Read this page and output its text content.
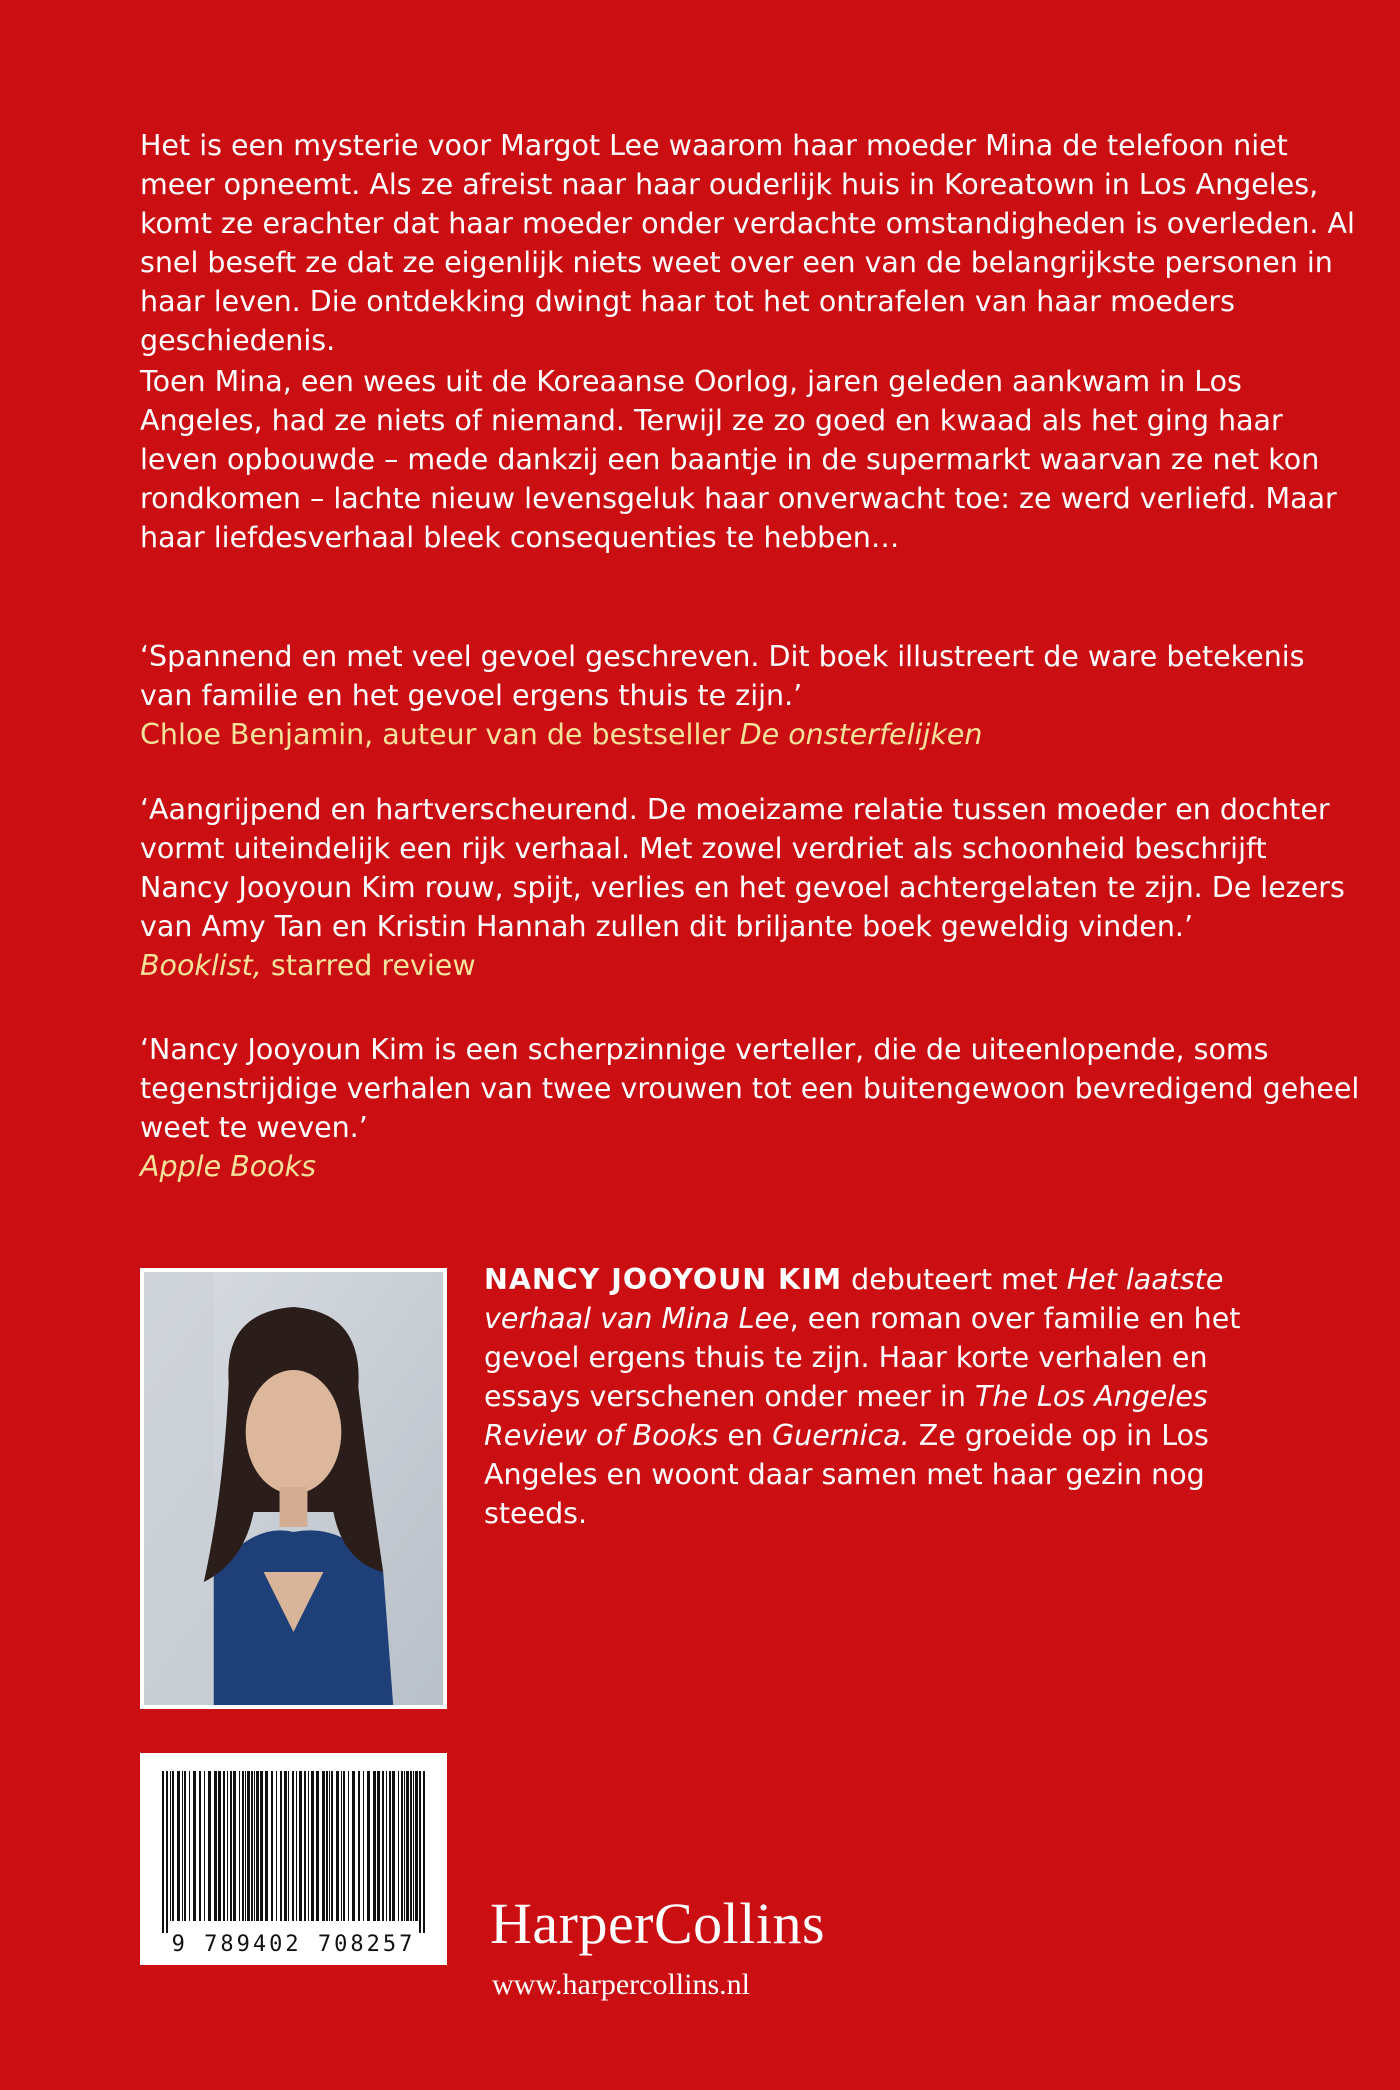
Het is een mysterie voor Margot Lee waarom haar moeder Mina de telefoon niet meer opneemt. Als ze afreist naar haar ouderlijk huis in Koreatown in Los Angeles, komt ze erachter dat haar moeder onder verdachte omstandigheden is overleden. Al snel beseft ze dat ze eigenlijk niets weet over een van de belangrijkste personen in haar leven. Die ontdekking dwingt haar tot het ontrafelen van haar moeders geschiedenis.

Toen Mina, een wees uit de Koreaanse Oorlog, jaren geleden aankwam in Los Angeles, had ze niets of niemand. Terwijl ze zo goed en kwaad als het ging haar leven opbouwde – mede dankzij een baantje in de supermarkt waarvan ze net kon rondkomen – lachte nieuw levensgeluk haar onverwacht toe: ze werd verliefd. Maar haar liefdesverhaal bleek consequenties te hebben…

‘Spannend en met veel gevoel geschreven. Dit boek illustreert de ware betekenis van familie en het gevoel ergens thuis te zijn.’
Chloe Benjamin, auteur van de bestseller De onsterfelijken
‘Aangrijpend en hartverscheurend. De moeizame relatie tussen moeder en dochter vormt uiteindelijk een rijk verhaal. Met zowel verdriet als schoonheid beschrijft Nancy Jooyoun Kim rouw, spijt, verlies en het gevoel achtergelaten te zijn. De lezers van Amy Tan en Kristin Hannah zullen dit briljante boek geweldig vinden.’
Booklist, starred review
‘Nancy Jooyoun Kim is een scherpzinnige verteller, die de uiteenlopende, soms tegenstrijdige verhalen van twee vrouwen tot een buitengewoon bevredigend geheel weet te weven.’
Apple Books
NANCY JOOYOUN KIM debuteert met Het laatste verhaal van Mina Lee, een roman over familie en het gevoel ergens thuis te zijn. Haar korte verhalen en essays verschenen onder meer in The Los Angeles Review of Books en Guernica. Ze groeide op in Los Angeles en woont daar samen met haar gezin nog steeds.
9 789402 708257	HarperCollins
www.harpercollins.nl
